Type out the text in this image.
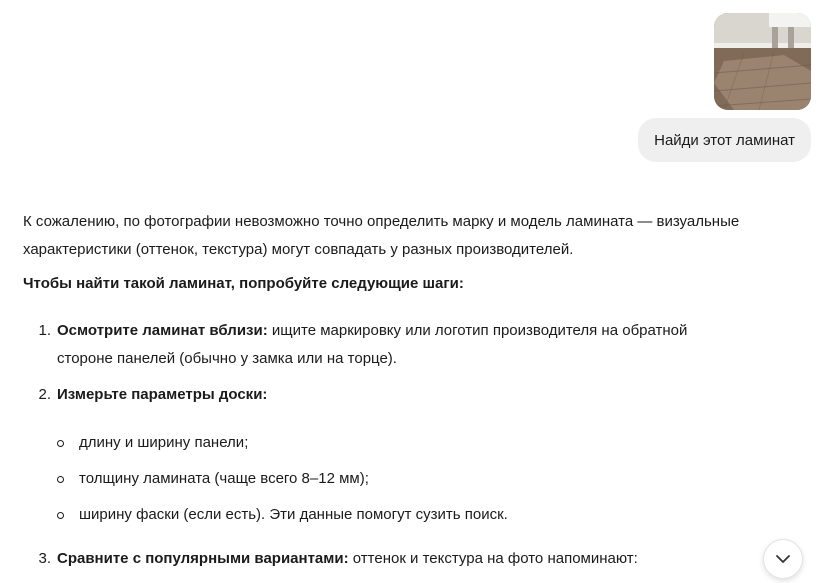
Найди этот ламинат

К сожалению, по фотографии невозможно точно определить марку и модель ламината — визуальные характеристики (оттенок, текстура) могут совпадать у разных производителей.

Чтобы найти такой ламинат, попробуйте следующие шаги:

1. Осмотрите ламинат вблизи: ищите маркировку или логотип производителя на обратной стороне панелей (обычно у замка или на торце).
2. Измерьте параметры доски:
длину и ширину панели;
толщину ламината (чаще всего 8–12 мм);
ширину фаски (если есть). Эти данные помогут сузить поиск.
3. Сравните с популярными вариантами: оттенок и текстура на фото напоминают:
